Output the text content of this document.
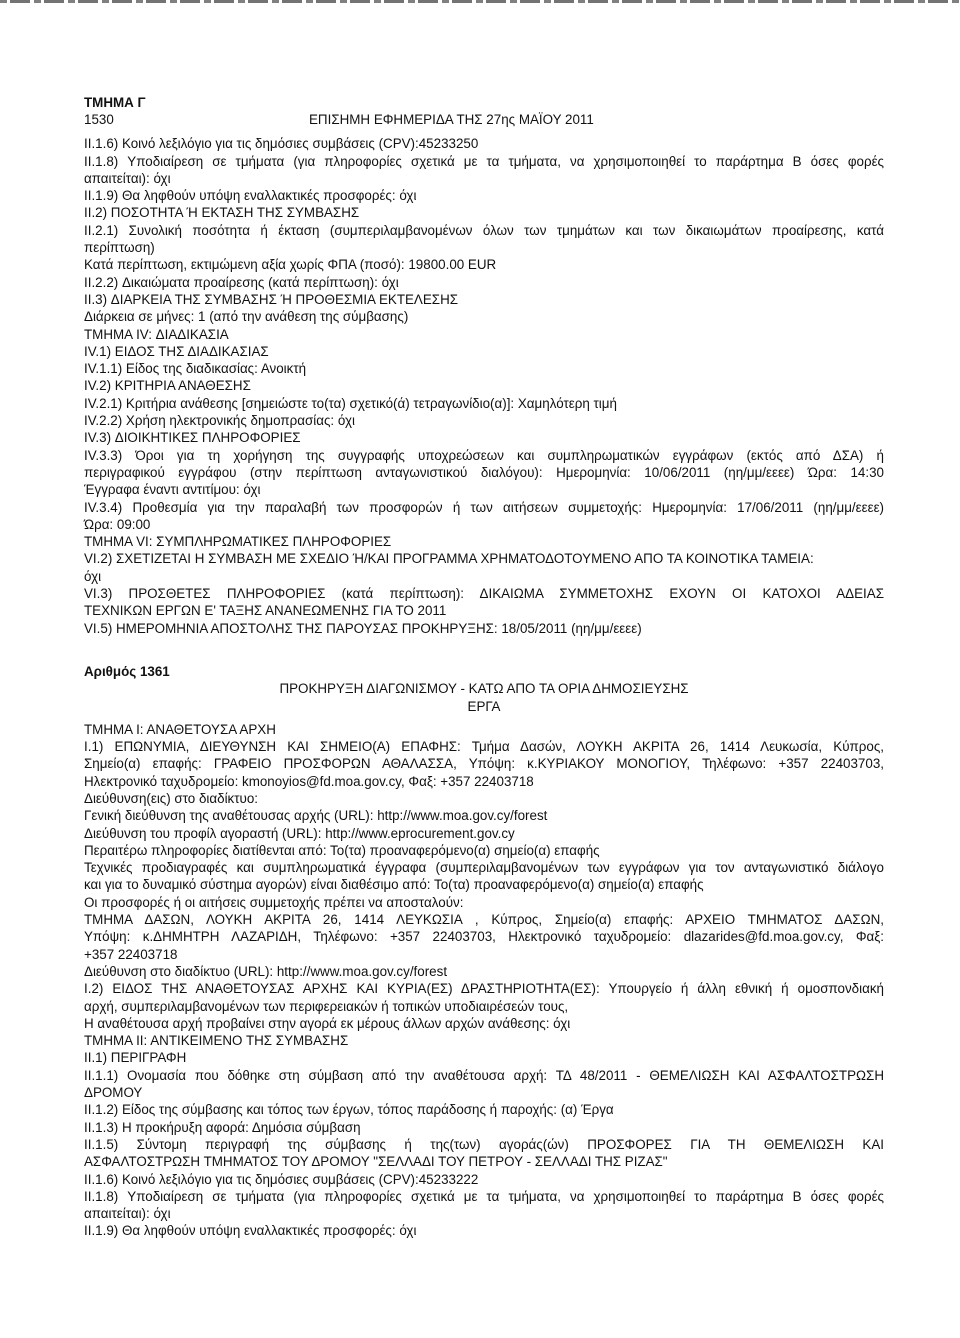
ΤΜΗΜΑ Γ
1530	ΕΠΙΣΗΜΗ ΕΦΗΜΕΡΙΔΑ ΤΗΣ 27ης ΜΑΪΟΥ 2011
II.1.6) Κοινό λεξιλόγιο για τις δημόσιες συμβάσεις (CPV):45233250
II.1.8) Υποδιαίρεση σε τμήματα (για πληροφορίες σχετικά με τα τμήματα, να χρησιμοποιηθεί το παράρτημα Β όσες φορές
απαιτείται): όχι
II.1.9) Θα ληφθούν υπόψη εναλλακτικές προσφορές: όχι
II.2) ΠΟΣΟΤΗΤΑ Ή ΕΚΤΑΣΗ ΤΗΣ ΣΥΜΒΑΣΗΣ
II.2.1) Συνολική ποσότητα ή έκταση (συμπεριλαμβανομένων όλων των τμημάτων και των δικαιωμάτων προαίρεσης, κατά
περίπτωση)
Κατά περίπτωση, εκτιμώμενη αξία χωρίς ΦΠΑ (ποσό): 19800.00 EUR
II.2.2) Δικαιώματα προαίρεσης (κατά περίπτωση): όχι
II.3) ΔΙΑΡΚΕΙΑ ΤΗΣ ΣΥΜΒΑΣΗΣ Ή ΠΡΟΘΕΣΜΙΑ ΕΚΤΕΛΕΣΗΣ
Διάρκεια σε μήνες: 1 (από την ανάθεση της σύμβασης)
ΤΜΗΜΑ IV: ΔΙΑΔΙΚΑΣΙΑ
IV.1) ΕΙΔΟΣ ΤΗΣ ΔΙΑΔΙΚΑΣΙΑΣ
IV.1.1) Είδος της διαδικασίας: Ανοικτή
IV.2) ΚΡΙΤΗΡΙΑ ΑΝΑΘΕΣΗΣ
IV.2.1) Κριτήρια ανάθεσης [σημειώστε το(τα) σχετικό(ά) τετραγωνίδιο(α)]: Χαμηλότερη τιμή
IV.2.2) Χρήση ηλεκτρονικής δημοπρασίας: όχι
IV.3) ΔΙΟΙΚΗΤΙΚΕΣ ΠΛΗΡΟΦΟΡΙΕΣ
IV.3.3) Όροι για τη χορήγηση της συγγραφής υποχρεώσεων και συμπληρωματικών εγγράφων (εκτός από ΔΣΑ) ή
περιγραφικού εγγράφου (στην περίπτωση ανταγωνιστικού διαλόγου): Ημερομηνία: 10/06/2011 (ηη/μμ/εεεε) Ώρα: 14:30
Έγγραφα έναντι αντιτίμου: όχι
IV.3.4) Προθεσμία για την παραλαβή των προσφορών ή των αιτήσεων συμμετοχής: Ημερομηνία: 17/06/2011 (ηη/μμ/εεεε)
Ώρα: 09:00
ΤΜΗΜΑ VI: ΣΥΜΠΛΗΡΩΜΑΤΙΚΕΣ ΠΛΗΡΟΦΟΡΙΕΣ
VI.2) ΣΧΕΤΙΖΕΤΑΙ Η ΣΥΜΒΑΣΗ ΜΕ ΣΧΕΔΙΟ Ή/ΚΑΙ ΠΡΟΓΡΑΜΜΑ ΧΡΗΜΑΤΟΔΟΤΟΥΜΕΝΟ ΑΠΟ ΤΑ ΚΟΙΝΟΤΙΚΑ ΤΑΜΕΙΑ:
όχι
VI.3) ΠΡΟΣΘΕΤΕΣ ΠΛΗΡΟΦΟΡΙΕΣ (κατά περίπτωση): ΔΙΚΑΙΩΜΑ ΣΥΜΜΕΤΟΧΗΣ ΕΧΟΥΝ ΟΙ ΚΑΤΟΧΟΙ ΑΔΕΙΑΣ
ΤΕΧΝΙΚΩΝ ΕΡΓΩΝ Ε' ΤΑΞΗΣ ΑΝΑΝΕΩΜΕΝΗΣ ΓΙΑ ΤΟ 2011
VI.5) ΗΜΕΡΟΜΗΝΙΑ ΑΠΟΣΤΟΛΗΣ ΤΗΣ ΠΑΡΟΥΣΑΣ ΠΡΟΚΗΡΥΞΗΣ: 18/05/2011 (ηη/μμ/εεεε)
Αριθμός 1361
ΠΡΟΚΗΡΥΞΗ ΔΙΑΓΩΝΙΣΜΟΥ - ΚΑΤΩ ΑΠΟ ΤΑ ΟΡΙΑ ΔΗΜΟΣΙΕΥΣΗΣ
ΕΡΓΑ
ΤΜΗΜΑ Ι: ΑΝΑΘΕΤΟΥΣΑ ΑΡΧΗ
I.1) ΕΠΩΝΥΜΙΑ, ΔΙΕΥΘΥΝΣΗ ΚΑΙ ΣΗΜΕΙΟ(Α) ΕΠΑΦΗΣ: Τμήμα Δασών, ΛΟΥΚΗ ΑΚΡΙΤΑ 26, 1414 Λευκωσία, Κύπρος,
Σημείο(α) επαφής: ΓΡΑΦΕΙΟ ΠΡΟΣΦΟΡΩΝ ΑΘΑΛΑΣΣΑ, Υπόψη: κ.ΚΥΡΙΑΚΟΥ ΜΟΝΟΓΙΟΥ, Τηλέφωνο: +357 22403703,
Ηλεκτρονικό ταχυδρομείο: kmonoyios@fd.moa.gov.cy, Φαξ: +357 22403718
Διεύθυνση(εις) στο διαδίκτυο:
Γενική διεύθυνση της αναθέτουσας αρχής (URL): http://www.moa.gov.cy/forest
Διεύθυνση του προφίλ αγοραστή (URL): http://www.eprocurement.gov.cy
Περαιτέρω πληροφορίες διατίθενται από: Το(τα) προαναφερόμενο(α) σημείο(α) επαφής
Τεχνικές προδιαγραφές και συμπληρωματικά έγγραφα (συμπεριλαμβανομένων των εγγράφων για τον ανταγωνιστικό διάλογο
και για το δυναμικό σύστημα αγορών) είναι διαθέσιμο από: Το(τα) προαναφερόμενο(α) σημείο(α) επαφής
Οι προσφορές ή οι αιτήσεις συμμετοχής πρέπει να αποσταλούν:
ΤΜΗΜΑ ΔΑΣΩΝ, ΛΟΥΚΗ ΑΚΡΙΤΑ 26, 1414 ΛΕΥΚΩΣΙΑ , Κύπρος, Σημείο(α) επαφής: ΑΡΧΕΙΟ ΤΜΗΜΑΤΟΣ ΔΑΣΩΝ,
Υπόψη: κ.ΔΗΜΗΤΡΗ ΛΑΖΑΡΙΔΗ, Τηλέφωνο: +357 22403703, Ηλεκτρονικό ταχυδρομείο: dlazarides@fd.moa.gov.cy, Φαξ:
+357 22403718
Διεύθυνση στο διαδίκτυο (URL): http://www.moa.gov.cy/forest
I.2) ΕΙΔΟΣ ΤΗΣ ΑΝΑΘΕΤΟΥΣΑΣ ΑΡΧΗΣ ΚΑΙ ΚΥΡΙΑ(ΕΣ) ΔΡΑΣΤΗΡΙΟΤΗΤΑ(ΕΣ): Υπουργείο ή άλλη εθνική ή ομοσπονδιακή
αρχή, συμπεριλαμβανομένων των περιφερειακών ή τοπικών υποδιαιρέσεών τους,
Η αναθέτουσα αρχή προβαίνει στην αγορά εκ μέρους άλλων αρχών ανάθεσης: όχι
ΤΜΗΜΑ ΙΙ: ΑΝΤΙΚΕΙΜΕΝΟ ΤΗΣ ΣΥΜΒΑΣΗΣ
II.1) ΠΕΡΙΓΡΑΦΗ
II.1.1) Ονομασία που δόθηκε στη σύμβαση από την αναθέτουσα αρχή: ΤΔ 48/2011 - ΘΕΜΕΛΙΩΣΗ ΚΑΙ ΑΣΦΑΛΤΟΣΤΡΩΣΗ
ΔΡΟΜΟΥ
II.1.2) Είδος της σύμβασης και τόπος των έργων, τόπος παράδοσης ή παροχής: (α) Έργα
II.1.3) Η προκήρυξη αφορά: Δημόσια σύμβαση
II.1.5) Σύντομη περιγραφή της σύμβασης ή της(των) αγοράς(ών) ΠΡΟΣΦΟΡΕΣ ΓΙΑ ΤΗ ΘΕΜΕΛΙΩΣΗ ΚΑΙ
ΑΣΦΑΛΤΟΣΤΡΩΣΗ ΤΜΗΜΑΤΟΣ ΤΟΥ ΔΡΟΜΟΥ "ΣΕΛΛΑΔΙ ΤΟΥ ΠΕΤΡΟΥ - ΣΕΛΛΑΔΙ ΤΗΣ ΡΙΖΑΣ"
II.1.6) Κοινό λεξιλόγιο για τις δημόσιες συμβάσεις (CPV):45233222
II.1.8) Υποδιαίρεση σε τμήματα (για πληροφορίες σχετικά με τα τμήματα, να χρησιμοποιηθεί το παράρτημα Β όσες φορές
απαιτείται): όχι
II.1.9) Θα ληφθούν υπόψη εναλλακτικές προσφορές: όχι
